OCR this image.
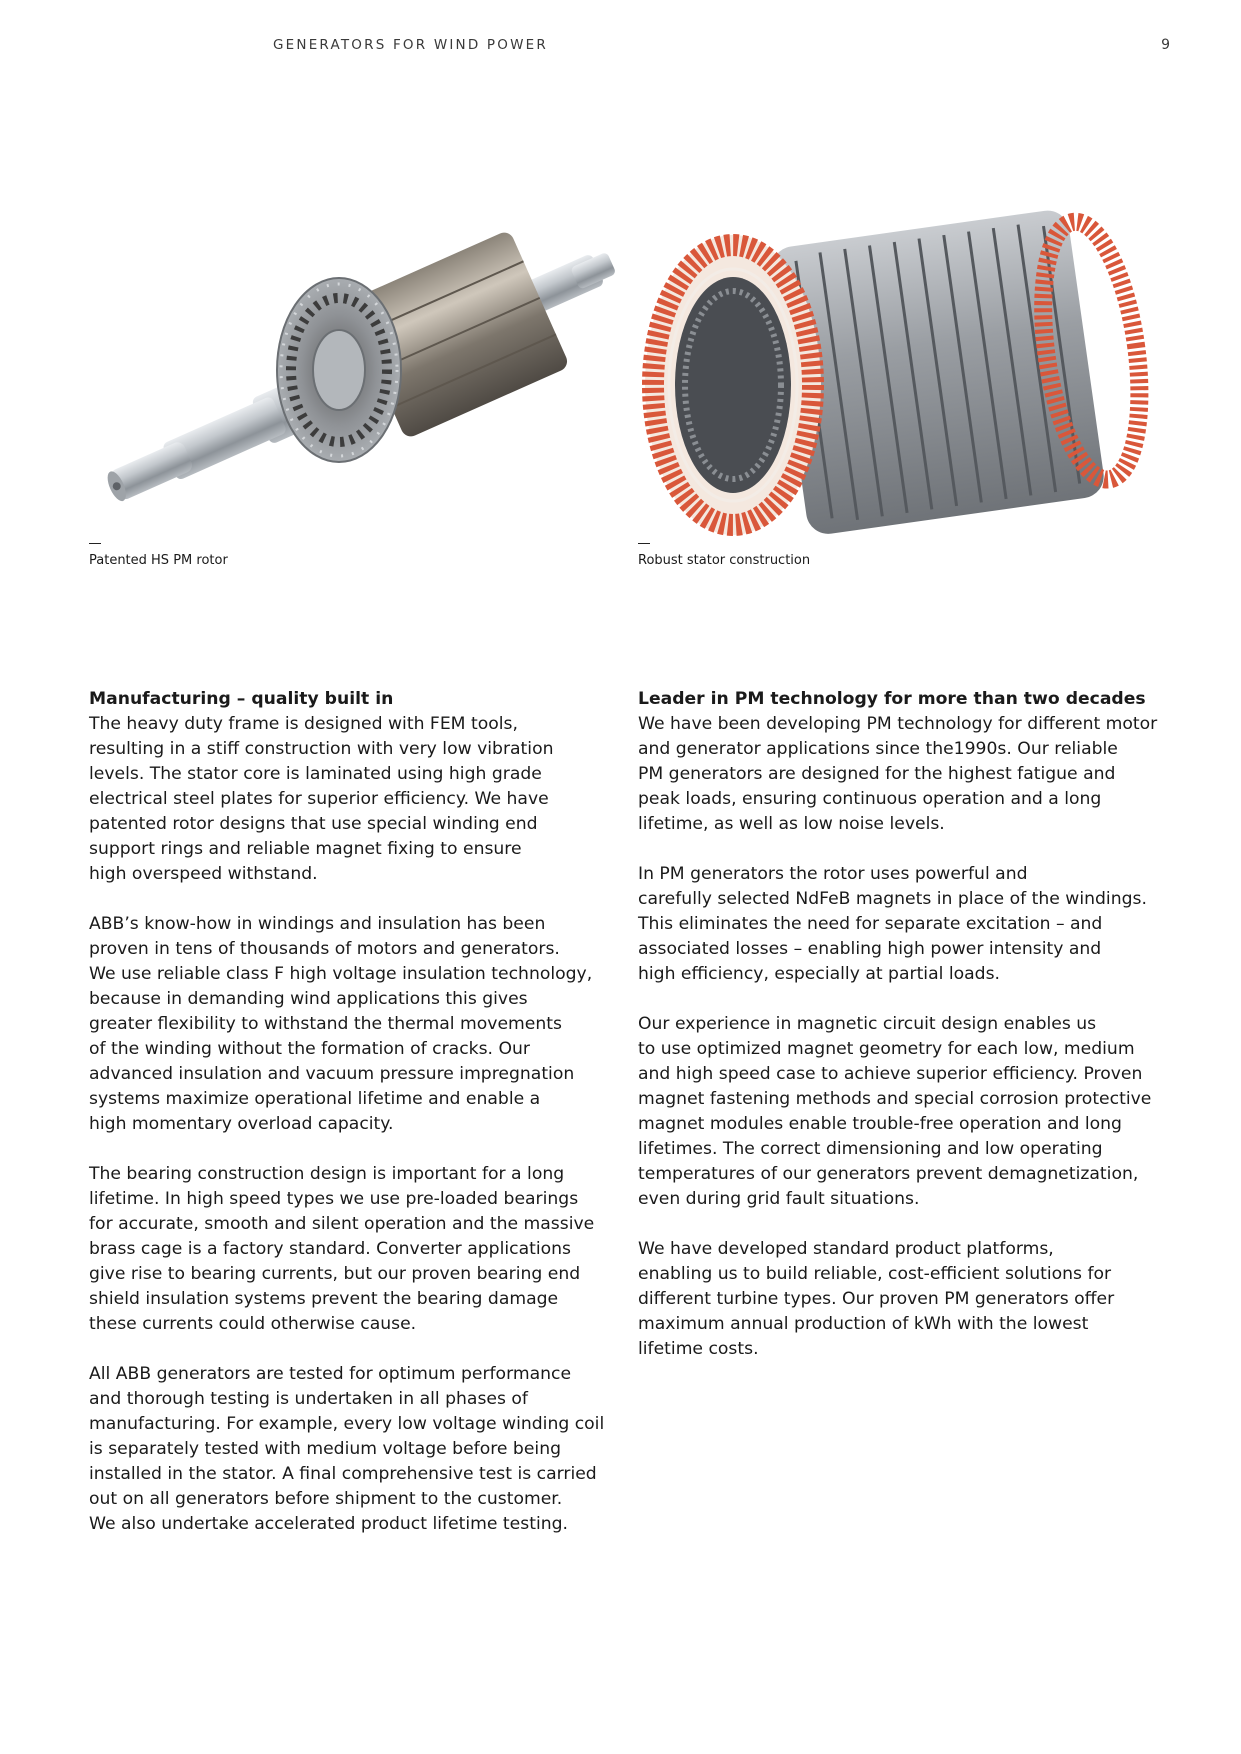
GENERATORS FOR WIND POWER	9
Patented HS PM rotor	Robust stator construction
Manufacturing – quality built in
The heavy duty frame is designed with FEM tools,
resulting in a stiff construction with very low vibration
levels. The stator core is laminated using high grade
electrical steel plates for superior efficiency. We have
patented rotor designs that use special winding end
support rings and reliable magnet fixing to ensure
high overspeed withstand.
ABB’s know-how in windings and insulation has been
proven in tens of thousands of motors and generators.
We use reliable class F high voltage insulation technology,
because in demanding wind applications this gives
greater flexibility to withstand the thermal movements
of the winding without the formation of cracks. Our
advanced insulation and vacuum pressure impregnation
systems maximize operational lifetime and enable a
high momentary overload capacity.
The bearing construction design is important for a long
lifetime. In high speed types we use pre-loaded bearings
for accurate, smooth and silent operation and the massive
brass cage is a factory standard. Converter applications
give rise to bearing currents, but our proven bearing end
shield insulation systems prevent the bearing damage
these currents could otherwise cause.
All ABB generators are tested for optimum performance
and thorough testing is undertaken in all phases of
manufacturing. For example, every low voltage winding coil
is separately tested with medium voltage before being
installed in the stator. A final comprehensive test is carried
out on all generators before shipment to the customer.
We also undertake accelerated product lifetime testing.
Leader in PM technology for more than two decades
We have been developing PM technology for different motor
and generator applications since the1990s. Our reliable
PM generators are designed for the highest fatigue and
peak loads, ensuring continuous operation and a long
lifetime, as well as low noise levels.
In PM generators the rotor uses powerful and
carefully selected NdFeB magnets in place of the windings.
This eliminates the need for separate excitation – and
associated losses – enabling high power intensity and
high efficiency, especially at partial loads.
Our experience in magnetic circuit design enables us
to use optimized magnet geometry for each low, medium
and high speed case to achieve superior efficiency. Proven
magnet fastening methods and special corrosion protective
magnet modules enable trouble-free operation and long
lifetimes. The correct dimensioning and low operating
temperatures of our generators prevent demagnetization,
even during grid fault situations.
We have developed standard product platforms,
enabling us to build reliable, cost-efficient solutions for
different turbine types. Our proven PM generators offer
maximum annual production of kWh with the lowest
lifetime costs.
